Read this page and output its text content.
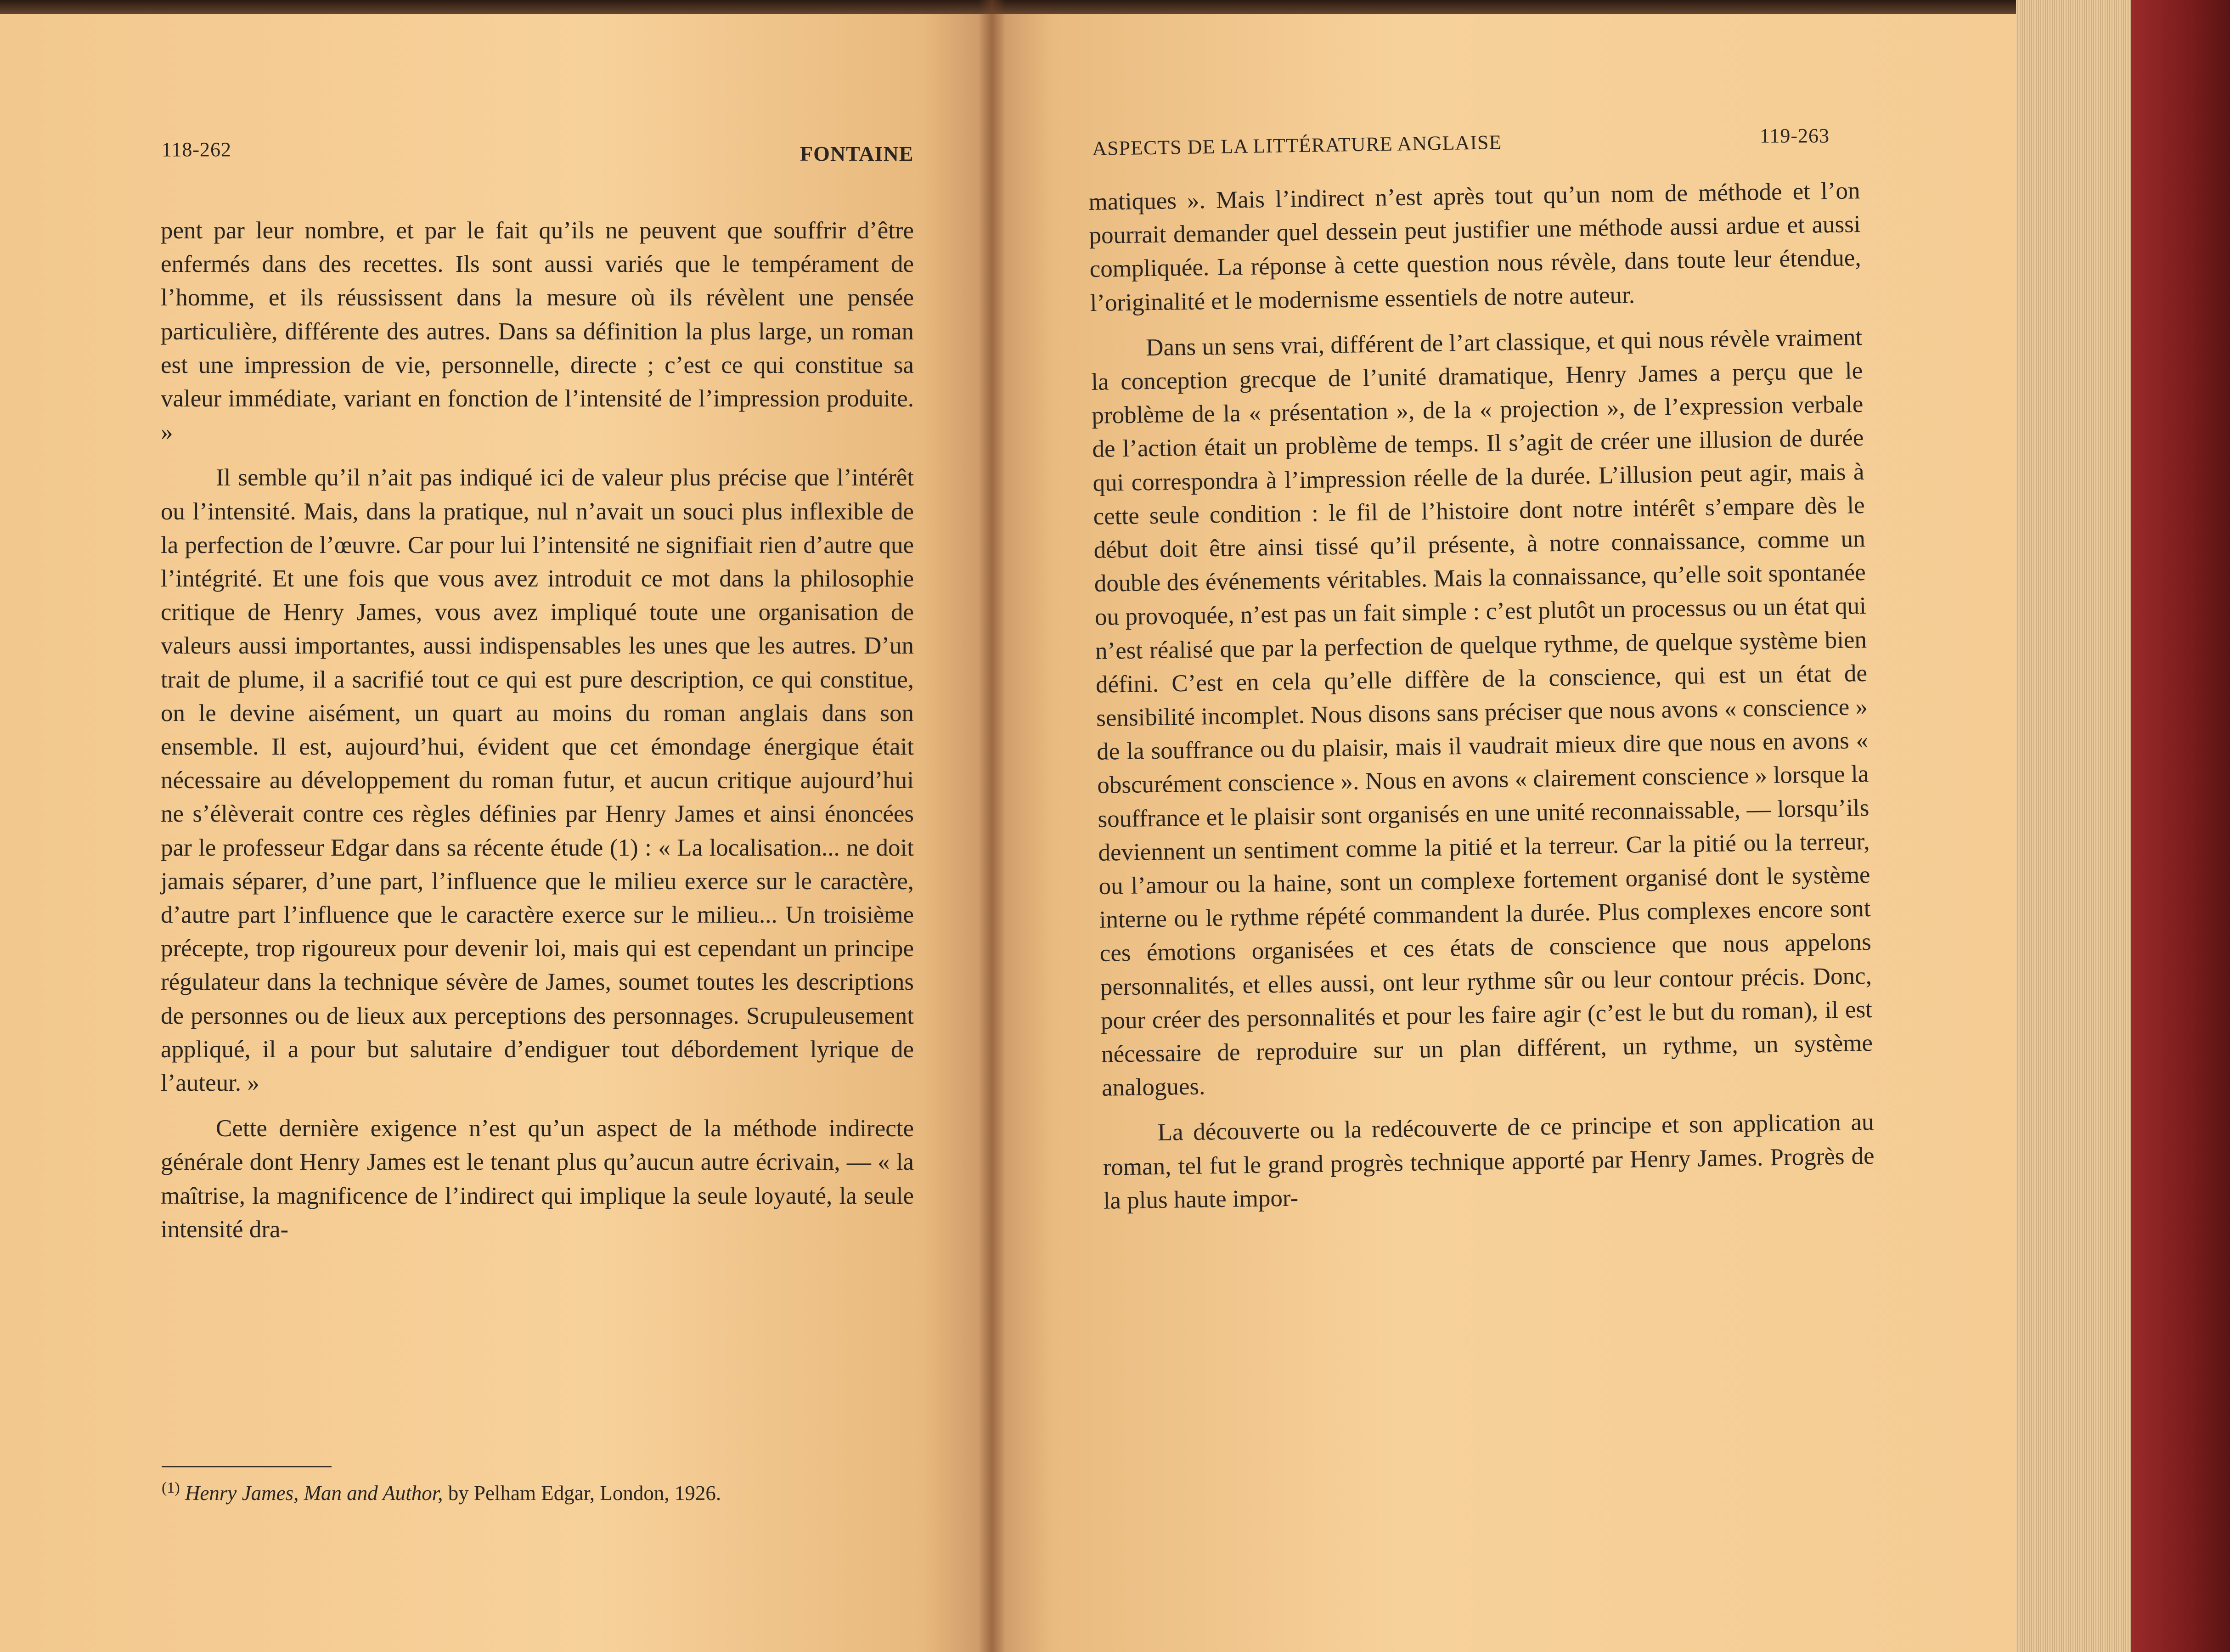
118-262	FONTAINE

pent par leur nombre, et par le fait qu’ils ne peuvent que souffrir d’être enfermés dans des recettes. Ils sont aussi variés que le tempérament de l’homme, et ils réussissent dans la mesure où ils révèlent une pensée particulière, différente des autres. Dans sa définition la plus large, un roman est une impression de vie, personnelle, directe ; c’est ce qui constitue sa valeur immédiate, variant en fonction de l’intensité de l’impression produite. »

Il semble qu’il n’ait pas indiqué ici de valeur plus précise que l’intérêt ou l’intensité. Mais, dans la pratique, nul n’avait un souci plus inflexible de la perfection de l’œuvre. Car pour lui l’intensité ne signifiait rien d’autre que l’intégrité. Et une fois que vous avez introduit ce mot dans la philosophie critique de Henry James, vous avez impliqué toute une organisation de valeurs aussi importantes, aussi indispensables les unes que les autres. D’un trait de plume, il a sacrifié tout ce qui est pure description, ce qui constitue, on le devine aisément, un quart au moins du roman anglais dans son ensemble. Il est, aujourd’hui, évident que cet émondage énergique était nécessaire au développement du roman futur, et aucun critique aujourd’hui ne s’élèverait contre ces règles définies par Henry James et ainsi énoncées par le professeur Edgar dans sa récente étude (1) : « La localisation... ne doit jamais séparer, d’une part, l’influence que le milieu exerce sur le caractère, d’autre part l’influence que le caractère exerce sur le milieu... Un troisième précepte, trop rigoureux pour devenir loi, mais qui est cependant un principe régulateur dans la technique sévère de James, soumet toutes les descriptions de personnes ou de lieux aux perceptions des personnages. Scrupuleusement appliqué, il a pour but salutaire d’endiguer tout débordement lyrique de l’auteur. »

Cette dernière exigence n’est qu’un aspect de la méthode indirecte générale dont Henry James est le tenant plus qu’aucun autre écrivain, — « la maîtrise, la magnificence de l’indirect qui implique la seule loyauté, la seule intensité dra-

$^{(1)}$ Henry James, Man and Author, by Pelham Edgar, London, 1926.
ASPECTS DE LA LITTÉRATURE ANGLAISE	119-263

matiques ». Mais l’indirect n’est après tout qu’un nom de méthode et l’on pourrait demander quel dessein peut justifier une méthode aussi ardue et aussi compliquée. La réponse à cette question nous révèle, dans toute leur étendue, l’originalité et le modernisme essentiels de notre auteur.

Dans un sens vrai, différent de l’art classique, et qui nous révèle vraiment la conception grecque de l’unité dramatique, Henry James a perçu que le problème de la « présentation », de la « projection », de l’expression verbale de l’action était un problème de temps. Il s’agit de créer une illusion de durée qui correspondra à l’impression réelle de la durée. L’illusion peut agir, mais à cette seule condition : le fil de l’histoire dont notre intérêt s’empare dès le début doit être ainsi tissé qu’il présente, à notre connaissance, comme un double des événements véritables. Mais la connaissance, qu’elle soit spontanée ou provoquée, n’est pas un fait simple : c’est plutôt un processus ou un état qui n’est réalisé que par la perfection de quelque rythme, de quelque système bien défini. C’est en cela qu’elle diffère de la conscience, qui est un état de sensibilité incomplet. Nous disons sans préciser que nous avons « conscience » de la souffrance ou du plaisir, mais il vaudrait mieux dire que nous en avons « obscurément conscience ». Nous en avons « clairement conscience » lorsque la souffrance et le plaisir sont organisés en une unité reconnaissable, — lorsqu’ils deviennent un sentiment comme la pitié et la terreur. Car la pitié ou la terreur, ou l’amour ou la haine, sont un complexe fortement organisé dont le système interne ou le rythme répété commandent la durée. Plus complexes encore sont ces émotions organisées et ces états de conscience que nous appelons personnalités, et elles aussi, ont leur rythme sûr ou leur contour précis. Donc, pour créer des personnalités et pour les faire agir (c’est le but du roman), il est nécessaire de reproduire sur un plan différent, un rythme, un système analogues.

La découverte ou la redécouverte de ce principe et son application au roman, tel fut le grand progrès technique apporté par Henry James. Progrès de la plus haute impor-
